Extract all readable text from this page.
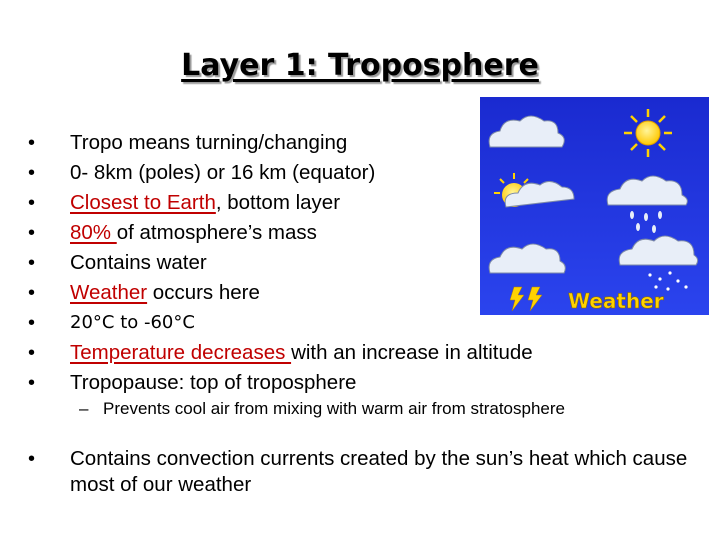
Layer 1: Troposphere
•	Tropo means turning/changing
•	0- 8km (poles) or 16 km (equator)
•	Closest to Earth, bottom layer
•	80% of atmosphere’s mass
•	Contains water
•	Weather occurs here
•	20°C to -60°C
•	Temperature decreases with an increase in altitude
•	Tropopause: top of troposphere
– Prevents cool air from mixing with warm air from stratosphere
•	Contains convection currents created by the sun’s heat which cause most of our weather
Weather
